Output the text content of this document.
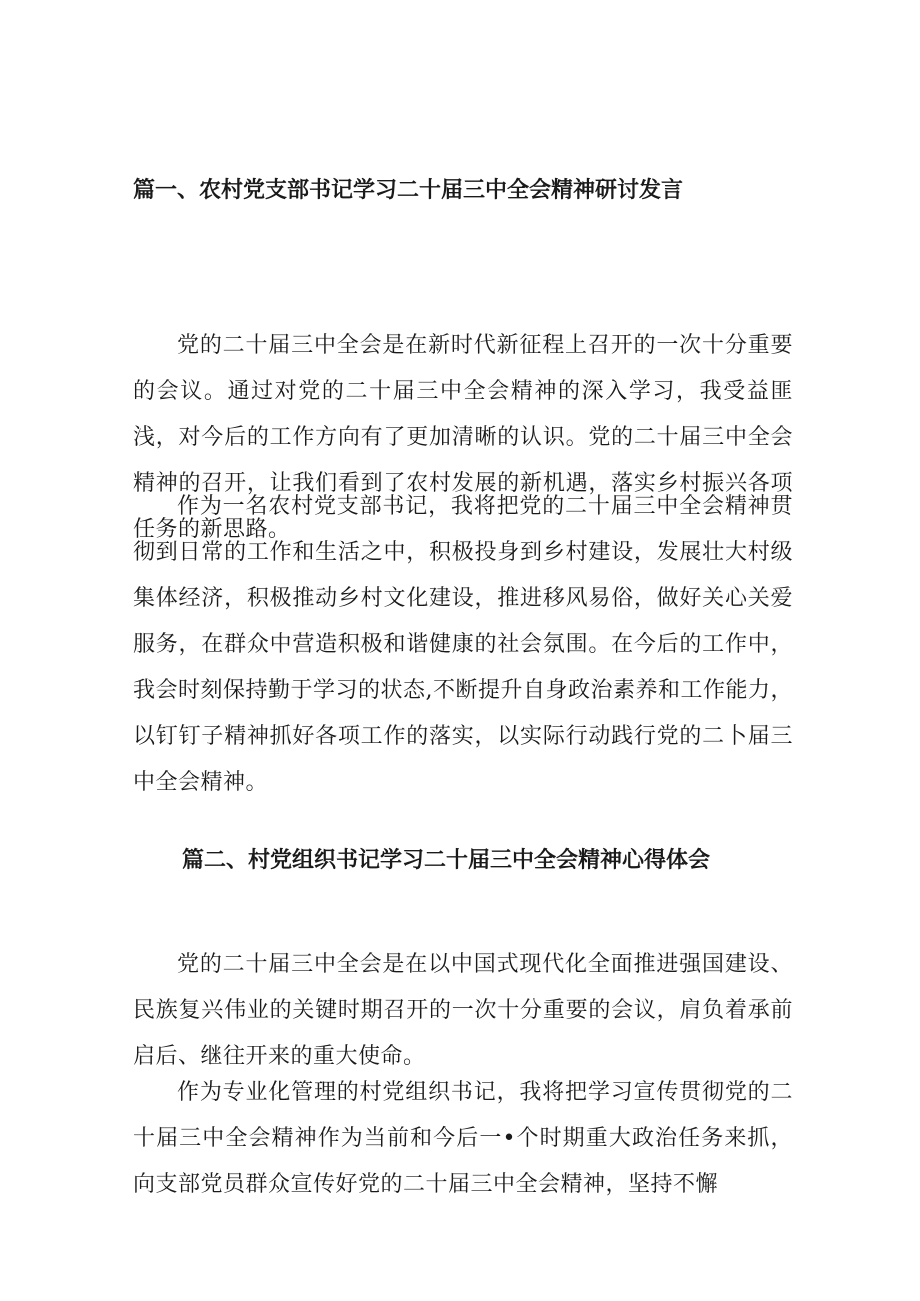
篇一、农村党支部书记学习二十届三中全会精神研讨发言

党的二十届三中全会是在新时代新征程上召开的一次十分重要的会议。通过对党的二十届三中全会精神的深入学习，我受益匪浅，对今后的工作方向有了更加清晰的认识。党的二十届三中全会精神的召开，让我们看到了农村发展的新机遇，落实乡村振兴各项任务的新思路。

作为一名农村党支部书记，我将把党的二十届三中全会精神贯彻到日常的工作和生活之中，积极投身到乡村建设，发展壮大村级集体经济，积极推动乡村文化建设，推进移风易俗，做好关心关爱服务，在群众中营造积极和谐健康的社会氛围。在今后的工作中，我会时刻保持勤于学习的状态,不断提升自身政治素养和工作能力，以钉钉子精神抓好各项工作的落实，以实际行动践行党的二卜届三中全会精神。

篇二、村党组织书记学习二十届三中全会精神心得体会

党的二十届三中全会是在以中国式现代化全面推进强国建设、民族复兴伟业的关键时期召开的一次十分重要的会议，肩负着承前启后、继往开来的重大使命。

作为专业化管理的村党组织书记，我将把学习宣传贯彻党的二十届三中全会精神作为当前和今后一•个时期重大政治任务来抓，向支部党员群众宣传好党的二十届三中全会精神，坚持不懈
